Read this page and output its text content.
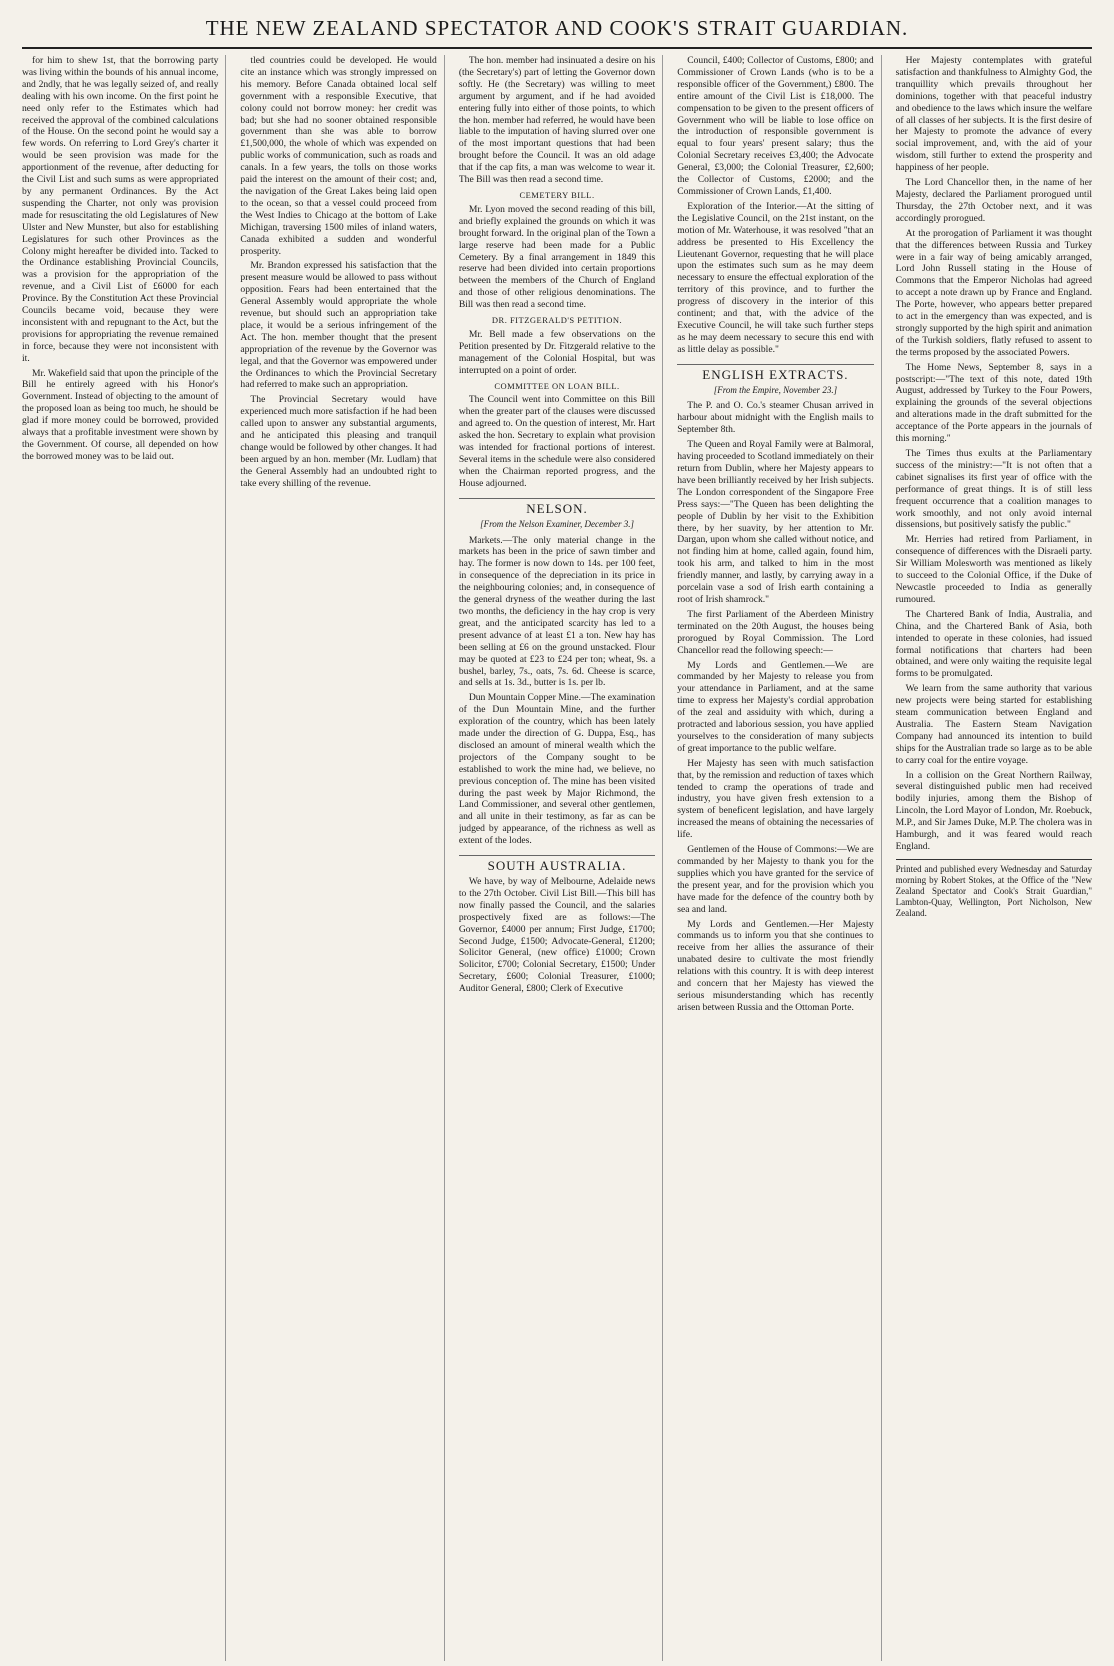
THE NEW ZEALAND SPECTATOR AND COOK'S STRAIT GUARDIAN.

for him to shew 1st, that the borrowing party was living within the bounds of his annual income, and 2ndly, that he was legally seized of, and really dealing with his own income. On the first point he need only refer to the Estimates which had received the approval of the combined calculations of the House. On the second point he would say a few words. On referring to Lord Grey's charter it would be seen provision was made for the apportionment of the revenue, after deducting for the Civil List and such sums as were appropriated by any permanent Ordinances. By the Act suspending the Charter, not only was provision made for resuscitating the old Legislatures of New Ulster and New Munster, but also for establishing Legislatures for such other Provinces as the Colony might hereafter be divided into. Tacked to the Ordinance establishing Provincial Councils, was a provision for the appropriation of the revenue, and a Civil List of £6000 for each Province. By the Constitution Act these Provincial Councils became void, because they were inconsistent with and repugnant to the Act, but the provisions for appropriating the revenue remained in force, because they were not inconsistent with it.

Mr. Wakefield said that upon the principle of the Bill he entirely agreed with his Honor's Government. Instead of objecting to the amount of the proposed loan as being too much, he should be glad if more money could be borrowed, provided always that a profitable investment were shown by the Government. Of course, all depended on how the borrowed money was to be laid out.

tled countries could be developed. He would cite an instance which was strongly impressed on his memory. Before Canada obtained local self government with a responsible Executive, that colony could not borrow money: her credit was bad; but she had no sooner obtained responsible government than she was able to borrow £1,500,000, the whole of which was expended on public works of communication, such as roads and canals. In a few years, the tolls on those works paid the interest on the amount of their cost; and, the navigation of the Great Lakes being laid open to the ocean, so that a vessel could proceed from the West Indies to Chicago at the bottom of Lake Michigan, traversing 1500 miles of inland waters, Canada exhibited a sudden and wonderful prosperity.

Mr. Brandon expressed his satisfaction that the present measure would be allowed to pass without opposition. Fears had been entertained that the General Assembly would appropriate the whole revenue, but should such an appropriation take place, it would be a serious infringement of the Act. The hon. member thought that the present appropriation of the revenue by the Governor was legal, and that the Governor was empowered under the Ordinances to which the Provincial Secretary had referred to make such an appropriation.

The Provincial Secretary would have experienced much more satisfaction if he had been called upon to answer any substantial arguments, and he anticipated this pleasing and tranquil change would be followed by other changes. It had been argued by an hon. member (Mr. Ludlam) that the General Assembly had an undoubted right to take every shilling of the revenue.

The hon. member had insinuated a desire on his (the Secretary's) part of letting the Governor down softly. He (the Secretary) was willing to meet argument by argument, and if he had avoided entering fully into either of those points, to which the hon. member had referred, he would have been liable to the imputation of having slurred over one of the most important questions that had been brought before the Council. It was an old adage that if the cap fits, a man was welcome to wear it. The Bill was then read a second time.

CEMETERY BILL.

Mr. Lyon moved the second reading of this bill, and briefly explained the grounds on which it was brought forward. In the original plan of the Town a large reserve had been made for a Public Cemetery. By a final arrangement in 1849 this reserve had been divided into certain proportions between the members of the Church of England and those of other religious denominations. The Bill was then read a second time.

DR. FITZGERALD'S PETITION.

Mr. Bell made a few observations on the Petition presented by Dr. Fitzgerald relative to the management of the Colonial Hospital, but was interrupted on a point of order.

COMMITTEE ON LOAN BILL.

The Council went into Committee on this Bill when the greater part of the clauses were discussed and agreed to. On the question of interest, Mr. Hart asked the hon. Secretary to explain what provision was intended for fractional portions of interest. Several items in the schedule were also considered when the Chairman reported progress, and the House adjourned.

NELSON.
[From the Nelson Examiner, December 3.]

Markets.—The only material change in the markets has been in the price of sawn timber and hay. The former is now down to 14s. per 100 feet, in consequence of the depreciation in its price in the neighbouring colonies; and, in consequence of the general dryness of the weather during the last two months, the deficiency in the hay crop is very great, and the anticipated scarcity has led to a present advance of at least £1 a ton. New hay has been selling at £6 on the ground unstacked. Flour may be quoted at £23 to £24 per ton; wheat, 9s. a bushel, barley, 7s., oats, 7s. 6d. Cheese is scarce, and sells at 1s. 3d., butter is 1s. per lb.

Dun Mountain Copper Mine.—The examination of the Dun Mountain Mine, and the further exploration of the country, which has been lately made under the direction of G. Duppa, Esq., has disclosed an amount of mineral wealth which the projectors of the Company sought to be established to work the mine had, we believe, no previous conception of. The mine has been visited during the past week by Major Richmond, the Land Commissioner, and several other gentlemen, and all unite in their testimony, as far as can be judged by appearance, of the richness as well as extent of the lodes.

SOUTH AUSTRALIA.

We have, by way of Melbourne, Adelaide news to the 27th October. Civil List Bill.—This bill has now finally passed the Council, and the salaries prospectively fixed are as follows:—The Governor, £4000 per annum; First Judge, £1700; Second Judge, £1500; Advocate-General, £1200; Solicitor General, (new office) £1000; Crown Solicitor, £700; Colonial Secretary, £1500; Under Secretary, £600; Colonial Treasurer, £1000; Auditor General, £800; Clerk of Executive

Council, £400; Collector of Customs, £800; and Commissioner of Crown Lands (who is to be a responsible officer of the Government,) £800. The entire amount of the Civil List is £18,000. The compensation to be given to the present officers of Government who will be liable to lose office on the introduction of responsible government is equal to four years' present salary; thus the Colonial Secretary receives £3,400; the Advocate General, £3,000; the Colonial Treasurer, £2,600; the Collector of Customs, £2000; and the Commissioner of Crown Lands, £1,400.

Exploration of the Interior.—At the sitting of the Legislative Council, on the 21st instant, on the motion of Mr. Waterhouse, it was resolved "that an address be presented to His Excellency the Lieutenant Governor, requesting that he will place upon the estimates such sum as he may deem necessary to ensure the effectual exploration of the territory of this province, and to further the progress of discovery in the interior of this continent; and that, with the advice of the Executive Council, he will take such further steps as he may deem necessary to secure this end with as little delay as possible."

ENGLISH EXTRACTS.
[From the Empire, November 23.]

The P. and O. Co.'s steamer Chusan arrived in harbour about midnight with the English mails to September 8th.

The Queen and Royal Family were at Balmoral, having proceeded to Scotland immediately on their return from Dublin, where her Majesty appears to have been brilliantly received by her Irish subjects. The London correspondent of the Singapore Free Press says:—"The Queen has been delighting the people of Dublin by her visit to the Exhibition there, by her suavity, by her attention to Mr. Dargan, upon whom she called without notice, and not finding him at home, called again, found him, took his arm, and talked to him in the most friendly manner, and lastly, by carrying away in a porcelain vase a sod of Irish earth containing a root of Irish shamrock."

The first Parliament of the Aberdeen Ministry terminated on the 20th August, the houses being prorogued by Royal Commission. The Lord Chancellor read the following speech:—

My Lords and Gentlemen.—We are commanded by her Majesty to release you from your attendance in Parliament, and at the same time to express her Majesty's cordial approbation of the zeal and assiduity with which, during a protracted and laborious session, you have applied yourselves to the consideration of many subjects of great importance to the public welfare.

Her Majesty has seen with much satisfaction that, by the remission and reduction of taxes which tended to cramp the operations of trade and industry, you have given fresh extension to a system of beneficent legislation, and have largely increased the means of obtaining the necessaries of life.

Gentlemen of the House of Commons:—We are commanded by her Majesty to thank you for the supplies which you have granted for the service of the present year, and for the provision which you have made for the defence of the country both by sea and land.

My Lords and Gentlemen.—Her Majesty commands us to inform you that she continues to receive from her allies the assurance of their unabated desire to cultivate the most friendly relations with this country. It is with deep interest and concern that her Majesty has viewed the serious misunderstanding which has recently arisen between Russia and the Ottoman Porte.

Her Majesty contemplates with grateful satisfaction and thankfulness to Almighty God, the tranquillity which prevails throughout her dominions, together with that peaceful industry and obedience to the laws which insure the welfare of all classes of her subjects. It is the first desire of her Majesty to promote the advance of every social improvement, and, with the aid of your wisdom, still further to extend the prosperity and happiness of her people.

The Lord Chancellor then, in the name of her Majesty, declared the Parliament prorogued until Thursday, the 27th October next, and it was accordingly prorogued.

At the prorogation of Parliament it was thought that the differences between Russia and Turkey were in a fair way of being amicably arranged, Lord John Russell stating in the House of Commons that the Emperor Nicholas had agreed to accept a note drawn up by France and England. The Porte, however, who appears better prepared to act in the emergency than was expected, and is strongly supported by the high spirit and animation of the Turkish soldiers, flatly refused to assent to the terms proposed by the associated Powers.

The Home News, September 8, says in a postscript:—"The text of this note, dated 19th August, addressed by Turkey to the Four Powers, explaining the grounds of the several objections and alterations made in the draft submitted for the acceptance of the Porte appears in the journals of this morning."

The Times thus exults at the Parliamentary success of the ministry:—"It is not often that a cabinet signalises its first year of office with the performance of great things. It is of still less frequent occurrence that a coalition manages to work smoothly, and not only avoid internal dissensions, but positively satisfy the public."

Mr. Herries had retired from Parliament, in consequence of differences with the Disraeli party. Sir William Molesworth was mentioned as likely to succeed to the Colonial Office, if the Duke of Newcastle proceeded to India as generally rumoured.

The Chartered Bank of India, Australia, and China, and the Chartered Bank of Asia, both intended to operate in these colonies, had issued formal notifications that charters had been obtained, and were only waiting the requisite legal forms to be promulgated.

We learn from the same authority that various new projects were being started for establishing steam communication between England and Australia. The Eastern Steam Navigation Company had announced its intention to build ships for the Australian trade so large as to be able to carry coal for the entire voyage.

In a collision on the Great Northern Railway, several distinguished public men had received bodily injuries, among them the Bishop of Lincoln, the Lord Mayor of London, Mr. Roebuck, M.P., and Sir James Duke, M.P. The cholera was in Hamburgh, and it was feared would reach England.

Printed and published every Wednesday and Saturday morning by Robert Stokes, at the Office of the "New Zealand Spectator and Cook's Strait Guardian," Lambton-Quay, Wellington, Port Nicholson, New Zealand.
